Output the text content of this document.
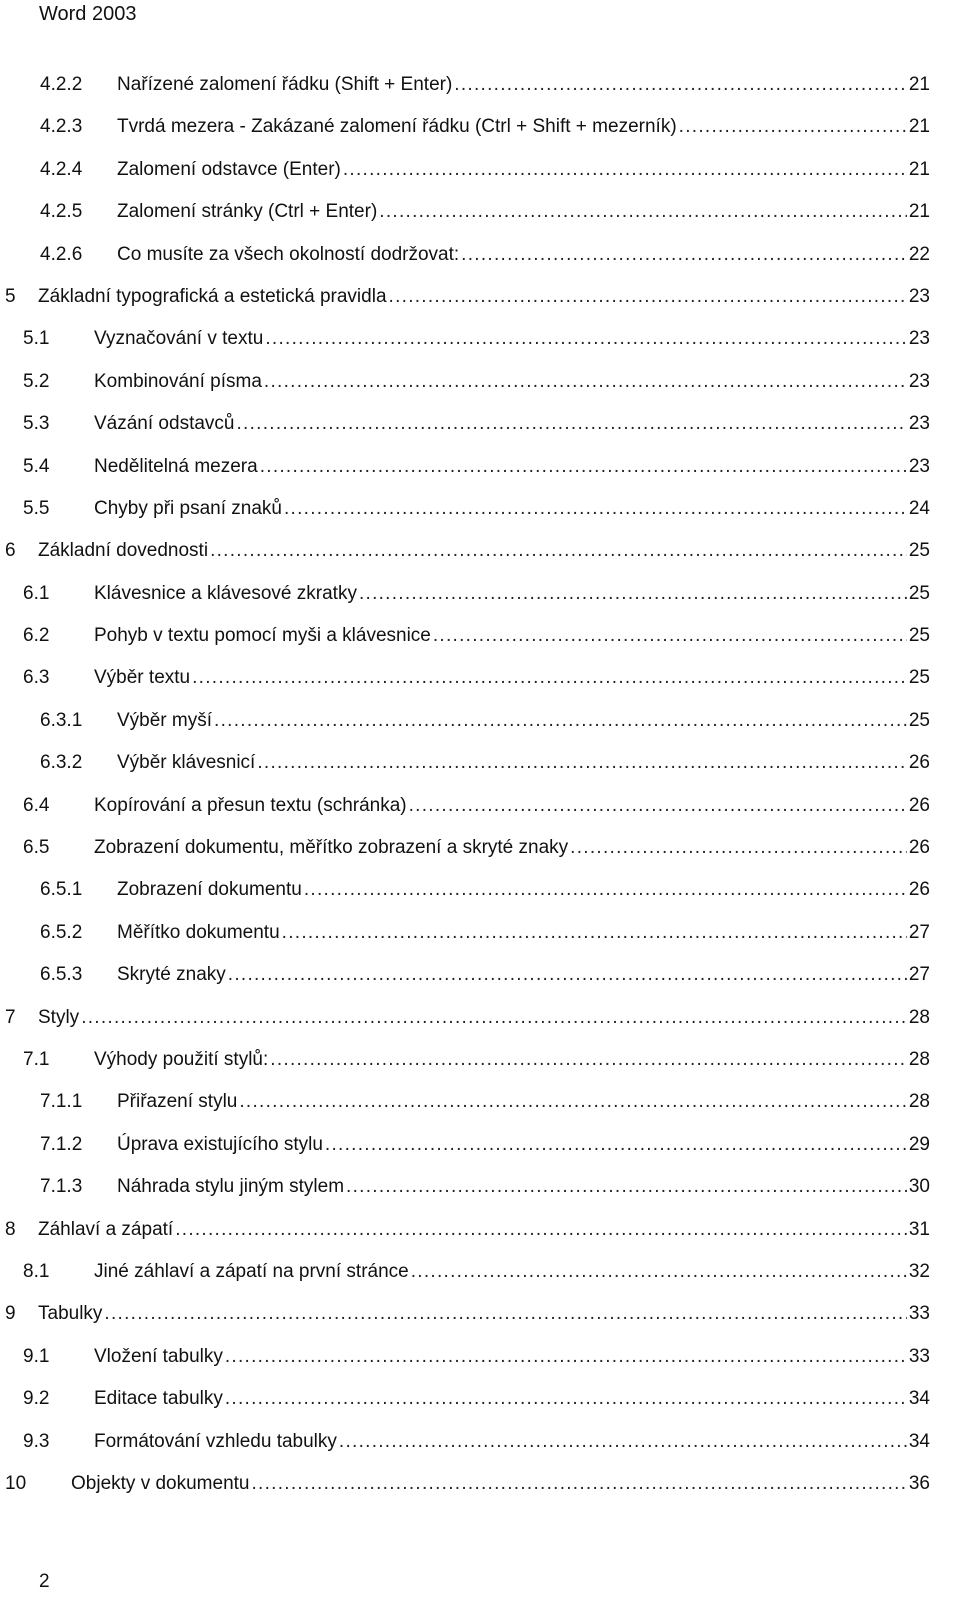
Word 2003
4.2.2 Nařízené zalomení řádku (Shift + Enter) . . .	21
4.2.3 Tvrdá mezera - Zakázané zalomení řádku (Ctrl + Shift + mezerník) . . .	21
4.2.4 Zalomení odstavce (Enter) . . .	21
4.2.5 Zalomení stránky (Ctrl + Enter) . . .	21
4.2.6 Co musíte za všech okolností dodržovat: . . .	22
5 Základní typografická a estetická pravidla . . .	23
5.1 Vyznačování v textu . . .	23
5.2 Kombinování písma . . .	23
5.3 Vázání odstavců . . .	23
5.4 Nedělitelná mezera . . .	23
5.5 Chyby při psaní znaků . . .	24
6 Základní dovednosti . . .	25
6.1 Klávesnice a klávesové zkratky . . .	25
6.2 Pohyb v textu pomocí myši a klávesnice . . .	25
6.3 Výběr textu . . .	25
6.3.1 Výběr myší . . .	25
6.3.2 Výběr klávesnicí . . .	26
6.4 Kopírování a přesun textu (schránka) . . .	26
6.5 Zobrazení dokumentu, měřítko zobrazení a skryté znaky . . .	26
6.5.1 Zobrazení dokumentu . . .	26
6.5.2 Měřítko dokumentu . . .	27
6.5.3 Skryté znaky . . .	27
7 Styly . . .	28
7.1 Výhody použití stylů: . . .	28
7.1.1 Přiřazení stylu . . .	28
7.1.2 Úprava existujícího stylu . . .	29
7.1.3 Náhrada stylu jiným stylem . . .	30
8 Záhlaví a zápatí . . .	31
8.1 Jiné záhlaví a zápatí na první stránce . . .	32
9 Tabulky . . .	33
9.1 Vložení tabulky . . .	33
9.2 Editace tabulky . . .	34
9.3 Formátování vzhledu tabulky . . .	34
10 Objekty v dokumentu . . .	36
2
